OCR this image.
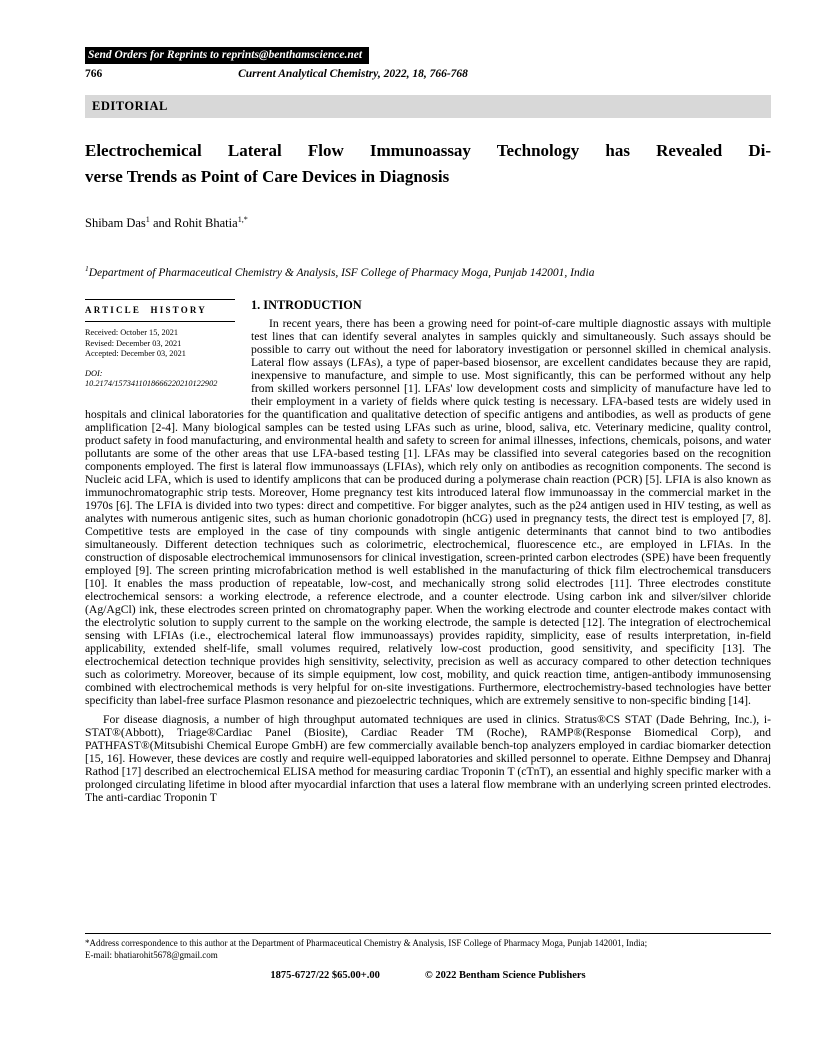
Send Orders for Reprints to reprints@benthamscience.net
766	Current Analytical Chemistry, 2022, 18, 766-768
EDITORIAL
Electrochemical Lateral Flow Immunoassay Technology has Revealed Di-
verse Trends as Point of Care Devices in Diagnosis
Shibam Das$^1$ and Rohit Bhatia$^{1,*}$
$^1$Department of Pharmaceutical Chemistry & Analysis, ISF College of Pharmacy Moga, Punjab 142001, India
ARTICLE HISTORY
Received: October 15, 2021
Revised: December 03, 2021
Accepted: December 03, 2021
DOI:
10.2174/1573411018666220210122902
1. INTRODUCTION

In recent years, there has been a growing need for point-of-care multiple diagnostic assays with multiple test lines that can identify several analytes in samples quickly and simultaneously. Such assays should be possible to carry out without the need for laboratory investigation or personnel skilled in chemical analysis. Lateral flow assays (LFAs), a type of paper-based biosensor, are excellent candidates because they are rapid, inexpensive to manufacture, and simple to use. Most significantly, this can be performed without any help from skilled workers personnel [1]. LFAs' low development costs and simplicity of manufacture have led to their employment in a variety of fields where quick testing is necessary. LFA-based tests are widely used in hospitals and clinical laboratories for the quantification and qualitative detection of specific antigens and antibodies, as well as products of gene amplification [2-4]. Many biological samples can be tested using LFAs such as urine, blood, saliva, etc. Veterinary medicine, quality control, product safety in food manufacturing, and environmental health and safety to screen for animal illnesses, infections, chemicals, poisons, and water pollutants are some of the other areas that use LFA-based testing [1]. LFAs may be classified into several categories based on the recognition components employed. The first is lateral flow immunoassays (LFIAs), which rely only on antibodies as recognition components. The second is Nucleic acid LFA, which is used to identify amplicons that can be produced during a polymerase chain reaction (PCR) [5]. LFIA is also known as immunochromatographic strip tests. Moreover, Home pregnancy test kits introduced lateral flow immunoassay in the commercial market in the 1970s [6]. The LFIA is divided into two types: direct and competitive. For bigger analytes, such as the p24 antigen used in HIV testing, as well as analytes with numerous antigenic sites, such as human chorionic gonadotropin (hCG) used in pregnancy tests, the direct test is employed [7, 8]. Competitive tests are employed in the case of tiny compounds with single antigenic determinants that cannot bind to two antibodies simultaneously. Different detection techniques such as colorimetric, electrochemical, fluorescence etc., are employed in LFIAs. In the construction of disposable electrochemical immunosensors for clinical investigation, screen-printed carbon electrodes (SPE) have been frequently employed [9]. The screen printing microfabrication method is well established in the manufacturing of thick film electrochemical transducers [10]. It enables the mass production of repeatable, low-cost, and mechanically strong solid electrodes [11]. Three electrodes constitute electrochemical sensors: a working electrode, a reference electrode, and a counter electrode. Using carbon ink and silver/silver chloride (Ag/AgCl) ink, these electrodes screen printed on chromatography paper. When the working electrode and counter electrode makes contact with the electrolytic solution to supply current to the sample on the working electrode, the sample is detected [12]. The integration of electrochemical sensing with LFIAs (i.e., electrochemical lateral flow immunoassays) provides rapidity, simplicity, ease of results interpretation, in-field applicability, extended shelf-life, small volumes required, relatively low-cost production, good sensitivity, and specificity [13]. The electrochemical detection technique provides high sensitivity, selectivity, precision as well as accuracy compared to other detection techniques such as colorimetry. Moreover, because of its simple equipment, low cost, mobility, and quick reaction time, antigen-antibody immunosensing combined with electrochemical methods is very helpful for on-site investigations. Furthermore, electrochemistry-based technologies have better specificity than label-free surface Plasmon resonance and piezoelectric techniques, which are extremely sensitive to non-specific binding [14].

For disease diagnosis, a number of high throughput automated techniques are used in clinics. Stratus®CS STAT (Dade Behring, Inc.), i-STAT®(Abbott), Triage®Cardiac Panel (Biosite), Cardiac Reader TM (Roche), RAMP®(Response Biomedical Corp), and PATHFAST®(Mitsubishi Chemical Europe GmbH) are few commercially available bench-top analyzers employed in cardiac biomarker detection [15, 16]. However, these devices are costly and require well-equipped laboratories and skilled personnel to operate. Eithne Dempsey and Dhanraj Rathod [17] described an electrochemical ELISA method for measuring cardiac Troponin T (cTnT), an essential and highly specific marker with a prolonged circulating lifetime in blood after myocardial infarction that uses a lateral flow membrane with an underlying screen printed electrodes. The anti-cardiac Troponin T

*Address correspondence to this author at the Department of Pharmaceutical Chemistry & Analysis, ISF College of Pharmacy Moga, Punjab 142001, India;
E-mail: bhatiarohit5678@gmail.com
1875-6727/22 $65.00+.00	© 2022 Bentham Science Publishers
